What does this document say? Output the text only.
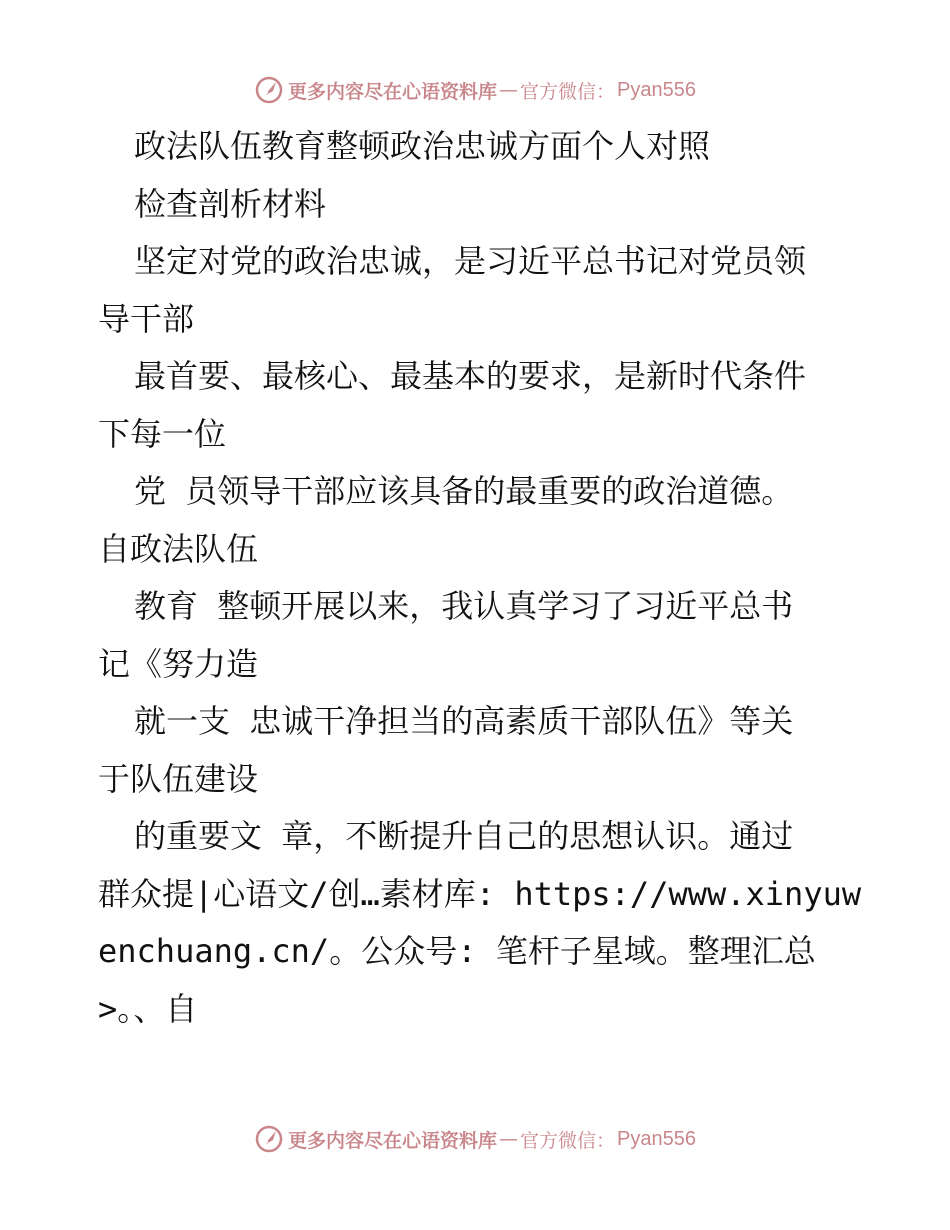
更多内容尽在心语资料库 — 官方微信： Pyan556
政法队伍教育整顿政治忠诚方面个人对照
检查剖析材料
坚定对党的政治忠诚，是习近平总书记对党员领
导干部
最首要、最核心、最基本的要求，是新时代条件
下每一位
党 员领导干部应该具备的最重要的政治道德。
自政法队伍
教育 整顿开展以来，我认真学习了习近平总书
记《努力造
就一支 忠诚干净担当的高素质干部队伍》等关
于队伍建设
的重要文 章，不断提升自己的思想认识。通过
群众提|心语文/创…素材库: https://www.xinyuw
enchuang.cn/。公众号: 笔杆子星域。整理汇总
>。、自
更多内容尽在心语资料库 — 官方微信： Pyan556
